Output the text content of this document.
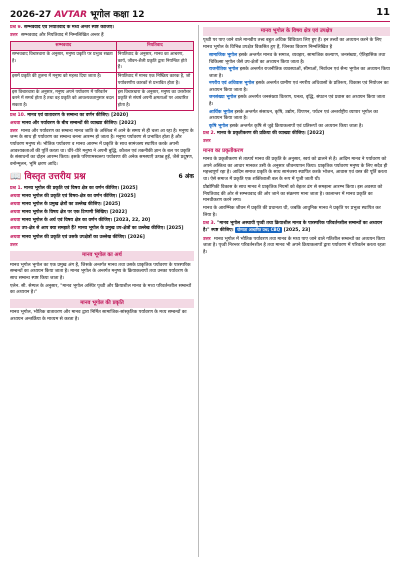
2026-27 AVTAR भूगोल कक्षा 12	11

प्रश्न 9. सम्भववाद एवं नियतिवाद के मध्य अन्तर स्पष्ट कीजिए।

उत्तर सम्भववाद और नियतिवाद में निम्नलिखित अन्तर हैं

सम्भववाद	नियतिवाद
सम्भववाद विचारधारा के अनुसार, मनुष्य प्रकृति पर प्रभुत्व रखता है।	नियतिवाद के अनुसार, मानव का आचरण, कार्य, जीवन-शैली प्रकृति द्वारा नियन्त्रित होते हैं।
इसमें प्रकृति की तुलना में मनुष्य को महत्त्व दिया जाता है।	नियतिवाद में मानव एक निष्क्रिय कारक है, जो पर्यावरणीय कारकों से प्रभावित होता है।
इस विचारधारा के अनुसार, मनुष्य अपने पर्यावरण में परिवर्तन करने में समर्थ होता है तथा वह प्रकृति को आवश्यकतानुसार बदल सकता है।	इस विचारधारा के अनुसार, मनुष्य का उत्तरोत्तर प्रकृति से संघर्ष अपनी क्षमताओं पर आधारित होता है।

प्रश्न 10. मानव एवं वातावरण के सम्बन्ध का वर्णन कीजिए। [2020]

अथवा मानव और पर्यावरण के बीच सम्बन्धों की व्याख्या कीजिए। [2022]

उत्तर मानव और पर्यावरण का सम्बन्ध मानव जाति के अस्तित्व में आने के समय से ही चला आ रहा है। मनुष्य के जन्म के साथ ही पर्यावरण का सम्बन्ध बनना आरम्भ हो जाता है। मनुष्य पर्यावरण से प्रभावित होता है और पर्यावरण मनुष्य से। भौतिक पर्यावरण व मानव आरम्भ में प्रकृति के साथ सामंजस्य स्थापित करके अपनी आवश्यकताओं की पूर्ति करता था। धीरे-धीरे मनुष्य ने अपनी बुद्धि, कौशल एवं तकनीकी ज्ञान के बल पर प्रकृति के संसाधनों का दोहन आरम्भ किया। इसके परिणामस्वरूप पर्यावरण की अनेक समस्याएँ उत्पन्न हुईं, जैसे प्रदूषण, वनोन्मूलन, भूमि क्षरण आदि।

📖 विस्तृत उत्तरीय प्रश्न	6 अंक

प्रश्न 1. मानव भूगोल की प्रकृति एवं विषय क्षेत्र का वर्णन कीजिए। [2025]

अथवा मानव भूगोल की प्रकृति एवं विषय-क्षेत्र का वर्णन कीजिए। [2025]

अथवा मानव भूगोल के प्रमुख क्षेत्रों का उल्लेख कीजिए। [2025]

अथवा मानव भूगोल के विषय क्षेत्र पर एक टिप्पणी लिखिए। [2022]

अथवा मानव भूगोल के अर्थ एवं विषय क्षेत्र का वर्णन कीजिए। [2023, 22, 20]

अथवा उप-क्षेत्र से आप क्या समझते हैं? मानव भूगोल के प्रमुख उप-क्षेत्रों का उल्लेख कीजिए। [2025]

अथवा मानव भूगोल की प्रकृति एवं उसके उपक्षेत्रों का उल्लेख कीजिए। [2026]

उत्तर

मानव भूगोल का अर्थ

मानव भूगोल भूगोल का एक प्रमुख अंग है, जिसके अन्तर्गत मानव तथा उसके प्राकृतिक पर्यावरण के पारस्परिक सम्बन्धों का अध्ययन किया जाता है। मानव भूगोल के अन्तर्गत मनुष्य के क्रियाकलापों तथा उनका पर्यावरण के साथ सम्बन्ध स्पष्ट किया जाता है।

एलेन. सी. सेम्पल के अनुसार, "मानव भूगोल अस्थिर पृथ्वी और क्रियाशील मानव के मध्य परिवर्तनशील सम्बन्धों का अध्ययन है।"

मानव भूगोल की प्रकृति

मानव भूगोल, भौतिक वातावरण और मानव द्वारा निर्मित सामाजिक-सांस्कृतिक पर्यावरण के मध्य सम्बन्धों का अध्ययन अन्तर्क्रिया के माध्यम से करता है।

मानव भूगोल के विषय क्षेत्र एवं उपक्षेत्र

पृथ्वी पर पाए जाने वाले मानवीय तत्त्व बहुत अधिक विविधता लिए हुए हैं। इन तत्त्वों का अध्ययन करने के लिए मानव भूगोल के विभिन्न उपक्षेत्र विकसित हुए हैं, जिनका विवरण निम्नलिखित है

• सामाजिक भूगोल इसके अन्तर्गत मानव के समाज, व्यवहार, सामाजिक कल्याण, जनसंख्या, ऐतिहासिक तथा चिकित्सा भूगोल जैसे उप-क्षेत्रों का अध्ययन किया जाता है।
• राजनीतिक भूगोल इसके अन्तर्गत राजनीतिक व्यवस्थाओं, सीमाओं, निर्वाचन एवं सैन्य भूगोल का अध्ययन किया जाता है।
• नगरीय एवं अधिवास भूगोल इसके अन्तर्गत ग्रामीण एवं नगरीय अधिवासों के प्रतिरूप, विकास एवं नियोजन का अध्ययन किया जाता है।
• जनसंख्या भूगोल इसके अन्तर्गत जनसंख्या वितरण, घनत्व, वृद्धि, संघटन एवं प्रवास का अध्ययन किया जाता है।
• आर्थिक भूगोल इसके अन्तर्गत संसाधन, कृषि, उद्योग, विपणन, पर्यटन एवं अन्तर्राष्ट्रीय व्यापार भूगोल का अध्ययन किया जाता है।
• कृषि भूगोल इसके अन्तर्गत कृषि से जुड़े क्रियाकलापों एवं प्रतिरूपों का अध्ययन किया जाता है।

प्रश्न 2. मानव के प्रकृतीकरण की प्रक्रिया की व्याख्या कीजिए। [2022]

उत्तर

मानव का प्रकृतीकरण

मानव के प्रकृतीकरण से तात्पर्य मानव की प्रकृति के अनुसार, स्वयं को ढालने से है। आदिम मानव ने पर्यावरण को अपने अस्तित्व का आधार मानकर उसी के अनुसार जीवनयापन किया। प्राकृतिक पर्यावरण मनुष्य के लिए सदैव ही महत्त्वपूर्ण रहा है। आदिम समाज प्रकृति के साथ सामंजस्य स्थापित करके भोजन, आवास एवं वस्त्र की पूर्ति करता था। ऐसे समाज में प्रकृति एक शक्तिशाली बल के रूप में पूजी जाती थी।

प्रौद्योगिकी विकास के साथ मानव ने प्राकृतिक नियमों को बेहतर ढंग से समझना आरम्भ किया। इस अवस्था को नियतिवाद की ओर से सम्भववाद की ओर जाने का संक्रमण माना जाता है। कालान्तर में मानव प्रकृति का मानवीकरण करने लगा।

मानव के आरम्भिक जीवन में प्रकृति की प्रधानता थी, जबकि आधुनिक मानव ने प्रकृति पर प्रभुत्व स्थापित कर लिया है।

प्रश्न 3. "मानव भूगोल अस्थायी पृथ्वी तथा क्रियाशील मानव के पारस्परिक परिवर्तनशील सम्बन्धों का अध्ययन है।" स्पष्ट कीजिए। योग्यता आधारित प्रश्न; CBQ [2025, 23]

उत्तर मानव भूगोल में भौतिक पर्यावरण तथा मानव के मध्य पाए जाने वाले गतिशील सम्बन्धों का अध्ययन किया जाता है। पृथ्वी निरन्तर परिवर्तनशील है तथा मानव भी अपने क्रियाकलापों द्वारा पर्यावरण में परिवर्तन करता रहता है।
